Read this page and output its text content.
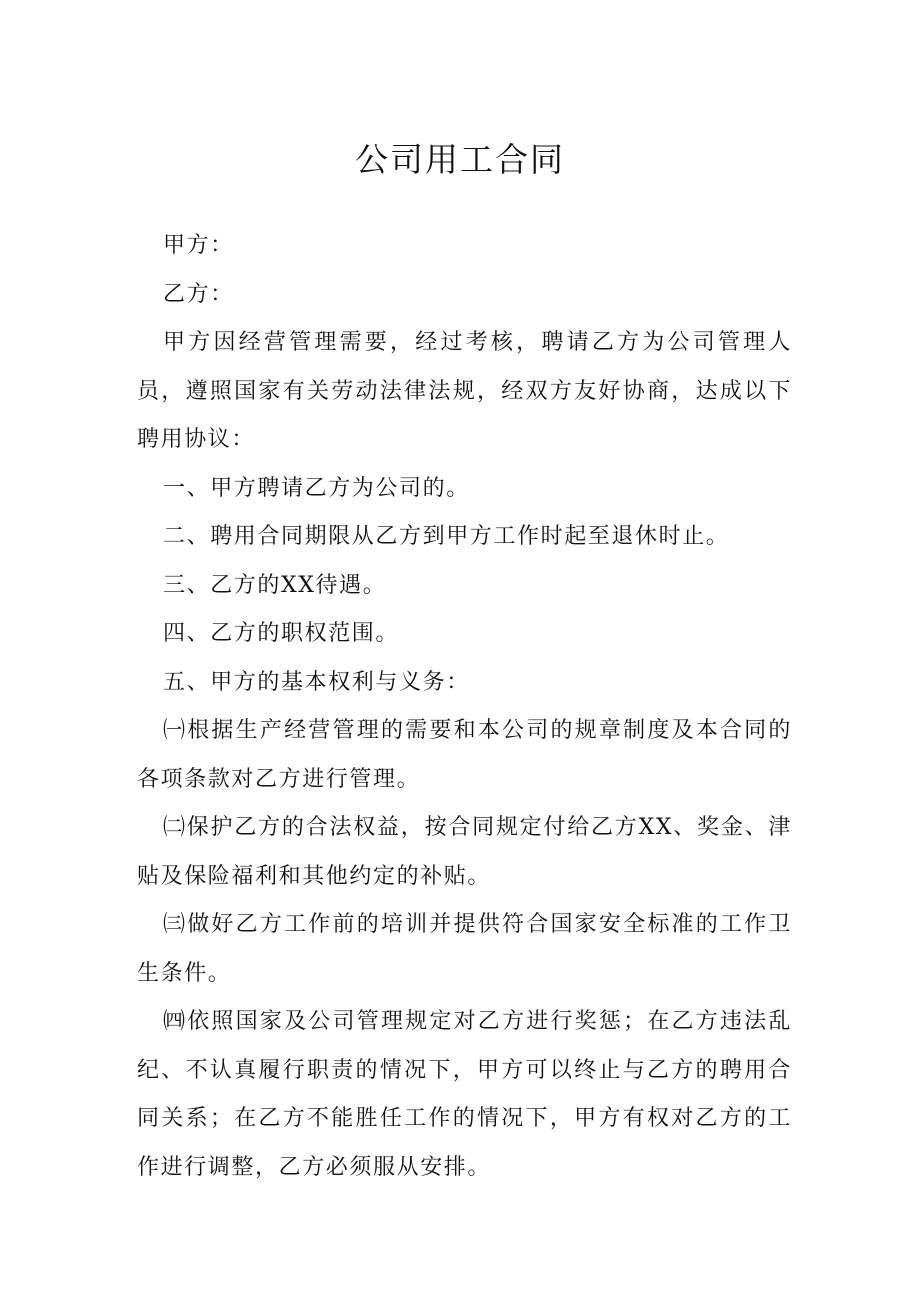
公司用工合同

甲方：

乙方：

甲方因经营管理需要，经过考核，聘请乙方为公司管理人员，遵照国家有关劳动法律法规，经双方友好协商，达成以下聘用协议：

一、甲方聘请乙方为公司的。

二、聘用合同期限从乙方到甲方工作时起至退休时止。

三、乙方的XX待遇。

四、乙方的职权范围。

五、甲方的基本权利与义务：

㈠根据生产经营管理的需要和本公司的规章制度及本合同的各项条款对乙方进行管理。

㈡保护乙方的合法权益，按合同规定付给乙方XX、奖金、津贴及保险福利和其他约定的补贴。

㈢做好乙方工作前的培训并提供符合国家安全标准的工作卫生条件。

㈣依照国家及公司管理规定对乙方进行奖惩；在乙方违法乱纪、不认真履行职责的情况下，甲方可以终止与乙方的聘用合同关系；在乙方不能胜任工作的情况下，甲方有权对乙方的工作进行调整，乙方必须服从安排。
